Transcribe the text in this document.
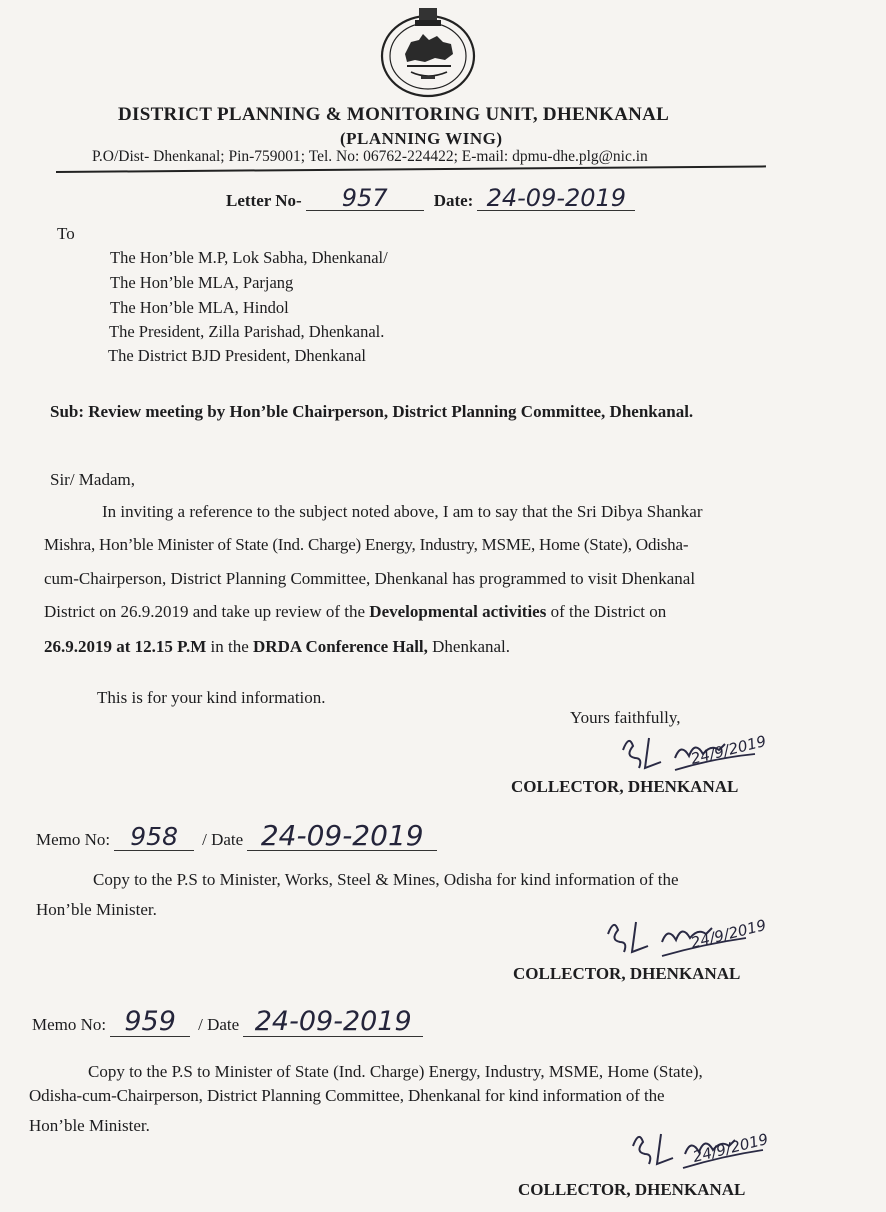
DISTRICT PLANNING & MONITORING UNIT, DHENKANAL
(PLANNING WING)
P.O/Dist- Dhenkanal; Pin-759001; Tel. No: 06762-224422; E-mail: dpmu-dhe.plg@nic.in
Letter No- 957	Date: 24-09-2019
To
The Hon’ble M.P, Lok Sabha, Dhenkanal/
The Hon’ble MLA, Parjang
The Hon’ble MLA, Hindol
The President, Zilla Parishad, Dhenkanal.
The District BJD President, Dhenkanal
Sub: Review meeting by Hon’ble Chairperson, District Planning Committee, Dhenkanal.
Sir/ Madam,
In inviting a reference to the subject noted above, I am to say that the Sri Dibya Shankar
Mishra, Hon’ble Minister of State (Ind. Charge) Energy, Industry, MSME, Home (State), Odisha-
cum-Chairperson, District Planning Committee, Dhenkanal has programmed to visit Dhenkanal
District on 26.9.2019 and take up review of the Developmental activities of the District on
26.9.2019 at 12.15 P.M in the DRDA Conference Hall, Dhenkanal.
This is for your kind information.
Yours faithfully,
24/9/2019
COLLECTOR, DHENKANAL
Memo No: 958 / Date 24-09-2019
Copy to the P.S to Minister, Works, Steel & Mines, Odisha for kind information of the
Hon’ble Minister.
24/9/2019
COLLECTOR, DHENKANAL
Memo No: 959 / Date 24-09-2019
Copy to the P.S to Minister of State (Ind. Charge) Energy, Industry, MSME, Home (State),
Odisha-cum-Chairperson, District Planning Committee, Dhenkanal for kind information of the
Hon’ble Minister.
24/9/2019
COLLECTOR, DHENKANAL
